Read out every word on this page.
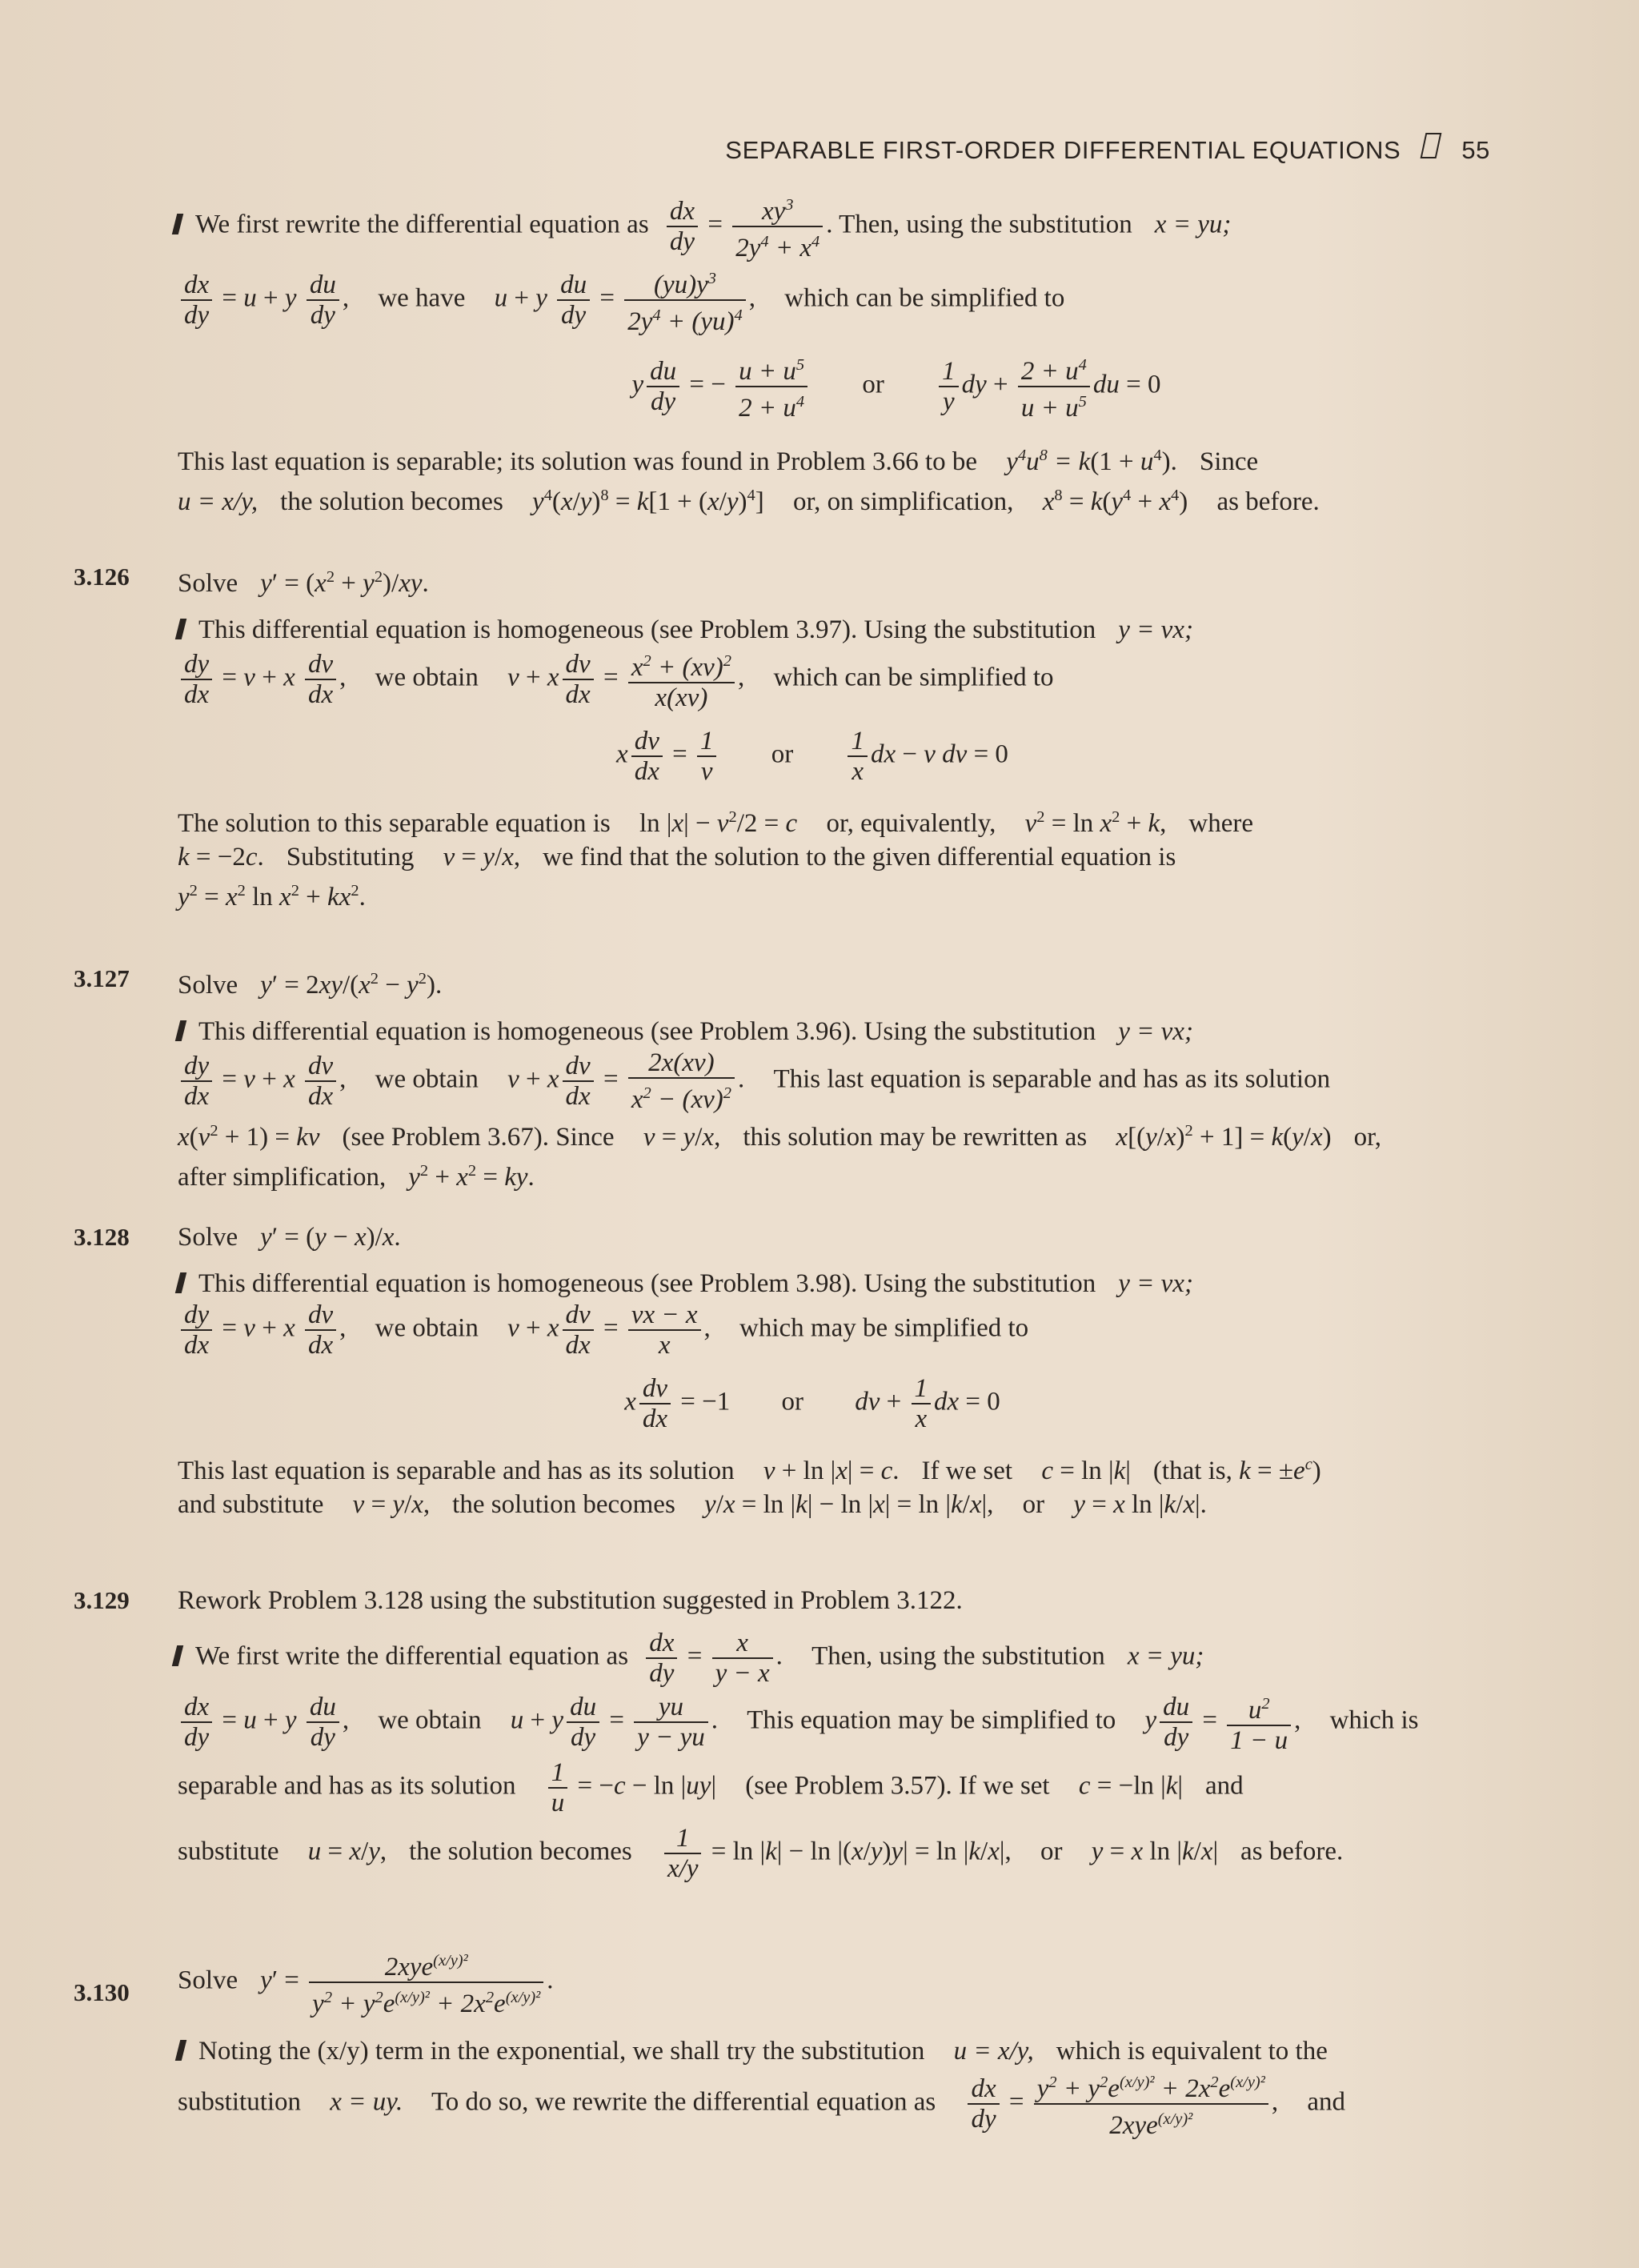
SEPARABLE FIRST-ORDER DIFFERENTIAL EQUATIONS 55
We first rewrite the differential equation as $\frac{dx}{dy} = \frac{xy^3}{2y^4 + x^4}$ . Then, using the substitution x = yu;
$\frac{dx}{dy} = u + y \frac{du}{dy}$ , we have u + y $\frac{du}{dy} = \frac{(yu)y^3}{2y^4 + (yu)^4}$ , which can be simplified to
y $\frac{du}{dy}$ = − $\frac{u + u^5}{2 + u^4}$ or $\frac{1}{y}$ dy + $\frac{2 + u^4}{u + u^5}$ du = 0
This last equation is separable; its solution was found in Problem 3.66 to be $y^4u^8 = k(1 + u^4)$. Since
u = x/y, the solution becomes $y^4(x/y)^8 = k[1 + (x/y)^4]$ or, on simplification, $x^8 = k(y^4 + x^4)$ as before.
3.126 Solve $y' = (x^2 + y^2)/xy$.
This differential equation is homogeneous (see Problem 3.97). Using the substitution y = vx;
$\frac{dy}{dx} = v + x \frac{dv}{dx}$ , we obtain v + x $\frac{dv}{dx} = \frac{x^2 + (xv)^2}{x(xv)}$ , which can be simplified to
x $\frac{dv}{dx} = \frac{1}{v}$ or $\frac{1}{x}$ dx − v dv = 0
The solution to this separable equation is $\ln |x| - v^2/2 = c$ or, equivalently, $v^2 = \ln x^2 + k$, where
k = −2c. Substituting v = y/x, we find that the solution to the given differential equation is
$y^2 = x^2$ $\ln x^2 + kx^2$.
3.127 Solve $y' = 2xy/(x^2 - y^2)$.
This differential equation is homogeneous (see Problem 3.96). Using the substitution y = vx;
$\frac{dy}{dx} = v + x \frac{dv}{dx}$ , we obtain v + x $\frac{dv}{dx} = \frac{2x(xv)}{x^2 - (xv)^2}$ . This last equation is separable and has as its solution
$x(v^2 + 1)$ = kv (see Problem 3.67). Since v = y/x, this solution may be rewritten as $x[(y/x)^2 + 1] = k(y/x)$ or,
after simplification, $y^2 + x^2$ = ky.
3.128 Solve y′ = (y − x)/x.
This differential equation is homogeneous (see Problem 3.98). Using the substitution y = vx;
$\frac{dy}{dx} = v + x \frac{dv}{dx}$ , we obtain v + x $\frac{dv}{dx} = \frac{vx - x}{x}$ , which may be simplified to
x $\frac{dv}{dx} = -1$ or dv + $\frac{1}{x}$ dx = 0
This last equation is separable and has as its solution v + ln |x| = c. If we set c = ln |k| (that is, $k = \pm e^c$)
and substitute v = y/x, the solution becomes y/x = ln |k| − ln |x| = ln |k/x|, or y = x ln |k/x|.
3.129 Rework Problem 3.128 using the substitution suggested in Problem 3.122.
We first write the differential equation as $\frac{dx}{dy} = \frac{x}{y - x}$ . Then, using the substitution x = yu;
$\frac{dx}{dy} = u + y \frac{du}{dy}$ , we obtain u + y $\frac{du}{dy} = \frac{yu}{y - yu}$ . This equation may be simplified to y $\frac{du}{dy} = \frac{u^2}{1 - u}$ , which is
separable and has as its solution $\frac{1}{u} = -c - \ln |uy|$ (see Problem 3.57). If we set c = −ln |k| and
substitute u = x/y, the solution becomes $\frac{1}{x/y} = \ln |k| - \ln |(x/y)y| = \ln |k/x|$, or y = x ln |k/x| as before.
3.130 Solve $y' = \frac{2xye^{(x/y)^2}}{y^2 + y^2e^{(x/y)^2} + 2x^2e^{(x/y)^2}}$ .
Noting the (x/y) term in the exponential, we shall try the substitution u = x/y, which is equivalent to the
substitution x = uy. To do so, we rewrite the differential equation as $\frac{dx}{dy} = \frac{y^2 + y^2e^{(x/y)^2} + 2x^2e^{(x/y)^2}}{2xye^{(x/y)^2}}$ , and
